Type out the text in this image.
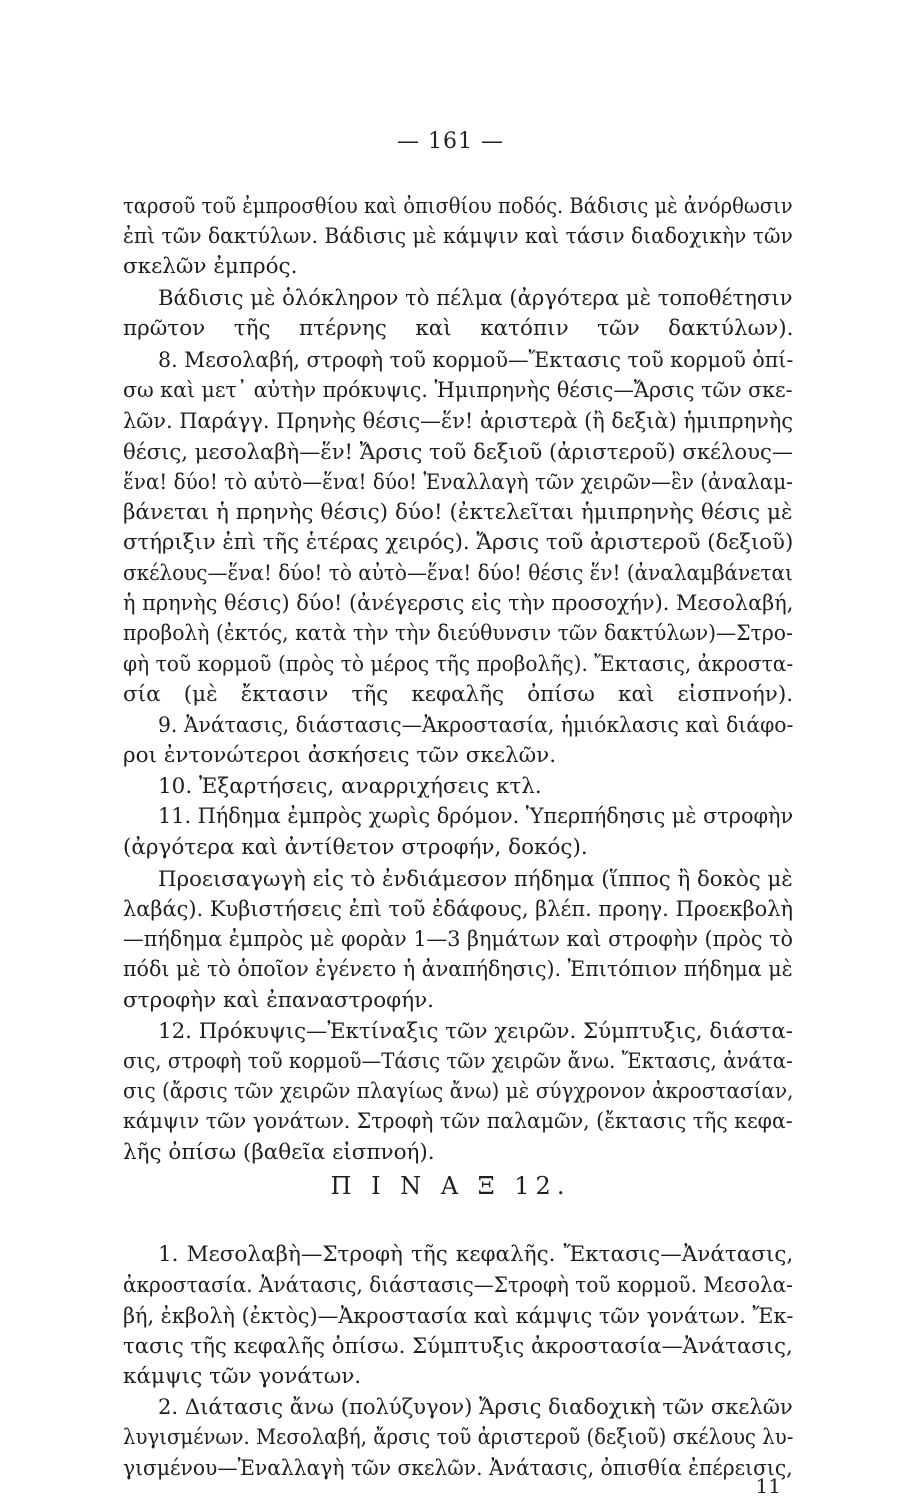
— 161 —
ταρσοῦ τοῦ ἐμπροσθίου καὶ ὀπισθίου ποδός. Βάδισις μὲ ἀνόρθωσιν
ἐπὶ τῶν δακτύλων. Βάδισις μὲ κάμψιν καὶ τάσιν διαδοχικὴν τῶν
σκελῶν ἐμπρός.
Βάδισις μὲ ὁλόκληρον τὸ πέλμα (ἀργότερα μὲ τοποθέτησιν
πρῶτον τῆς πτέρνης καὶ κατόπιν τῶν δακτύλων).
8. Μεσολαβή, στροφὴ τοῦ κορμοῦ—Ἔκτασις τοῦ κορμοῦ ὀπί-
σω καὶ μετ᾽ αὐτὴν πρόκυψις. Ἡμιπρηνὴς θέσις—Ἄρσις τῶν σκε-
λῶν. Παράγγ. Πρηνὴς θέσις—ἕν! ἀριστερὰ (ἢ δεξιὰ) ἡμιπρηνὴς
θέσις, μεσολαβὴ—ἕν! Ἄρσις τοῦ δεξιοῦ (ἀριστεροῦ) σκέλους—
ἕνα! δύο! τὸ αὐτὸ—ἕνα! δύο! Ἐναλλαγὴ τῶν χειρῶν—ἓν (ἀναλαμ-
βάνεται ἡ πρηνὴς θέσις) δύο! (ἐκτελεῖται ἡμιπρηνὴς θέσις μὲ
στήριξιν ἐπὶ τῆς ἑτέρας χειρός). Ἄρσις τοῦ ἀριστεροῦ (δεξιοῦ)
σκέλους—ἕνα! δύο! τὸ αὐτὸ—ἕνα! δύο! θέσις ἕν! (ἀναλαμβάνεται
ἡ πρηνὴς θέσις) δύο! (ἀνέγερσις εἰς τὴν προσοχήν). Μεσολαβή,
προβολὴ (ἐκτός, κατὰ τὴν τὴν διεύθυνσιν τῶν δακτύλων)—Στρο-
φὴ τοῦ κορμοῦ (πρὸς τὸ μέρος τῆς προβολῆς). Ἔκτασις, ἀκροστα-
σία (μὲ ἔκτασιν τῆς κεφαλῆς ὀπίσω καὶ εἰσπνοήν).
9. Ἀνάτασις, διάστασις—Ἀκροστασία, ἡμιόκλασις καὶ διάφο-
ροι ἐντονώτεροι ἀσκήσεις τῶν σκελῶν.
10. Ἐξαρτήσεις, αναρριχήσεις κτλ.
11. Πήδημα ἐμπρὸς χωρὶς δρόμον. Ὑπερπήδησις μὲ στροφὴν
(ἀργότερα καὶ ἀντίθετον στροφήν, δοκός).
Προεισαγωγὴ εἰς τὸ ἐνδιάμεσον πήδημα (ἵππος ἢ δοκὸς μὲ
λαβάς). Κυβιστήσεις ἐπὶ τοῦ ἐδάφους, βλέπ. προηγ. Προεκβολὴ
—πήδημα ἐμπρὸς μὲ φορὰν 1—3 βημάτων καὶ στροφὴν (πρὸς τὸ
πόδι μὲ τὸ ὁποῖον ἐγένετο ἡ ἀναπήδησις). Ἐπιτόπιον πήδημα μὲ
στροφὴν καὶ ἐπαναστροφήν.
12. Πρόκυψις—Ἐκτίναξις τῶν χειρῶν. Σύμπτυξις, διάστα-
σις, στροφὴ τοῦ κορμοῦ—Τάσις τῶν χειρῶν ἄνω. Ἔκτασις, ἀνάτα-
σις (ἄρσις τῶν χειρῶν πλαγίως ἄνω) μὲ σύγχρονον ἀκροστασίαν,
κάμψιν τῶν γονάτων. Στροφὴ τῶν παλαμῶν, (ἔκτασις τῆς κεφα-
λῆς ὀπίσω (βαθεῖα εἰσπνοή).
Π Ι Ν Α Ξ 12.
1. Μεσολαβὴ—Στροφὴ τῆς κεφαλῆς. Ἔκτασις—Ἀνάτασις,
ἀκροστασία. Ἀνάτασις, διάστασις—Στροφὴ τοῦ κορμοῦ. Μεσολα-
βή, ἐκβολὴ (ἐκτὸς)—Ἀκροστασία καὶ κάμψις τῶν γονάτων. Ἔκ-
τασις τῆς κεφαλῆς ὀπίσω. Σύμπτυξις ἀκροστασία—Ἀνάτασις,
κάμψις τῶν γονάτων.
2. Διάτασις ἄνω (πολύζυγον) Ἄρσις διαδοχικὴ τῶν σκελῶν
λυγισμένων. Μεσολαβή, ἄρσις τοῦ ἀριστεροῦ (δεξιοῦ) σκέλους λυ-
γισμένου—Ἐναλλαγὴ τῶν σκελῶν. Ἀνάτασις, ὀπισθία ἐπέρεισις,
11
